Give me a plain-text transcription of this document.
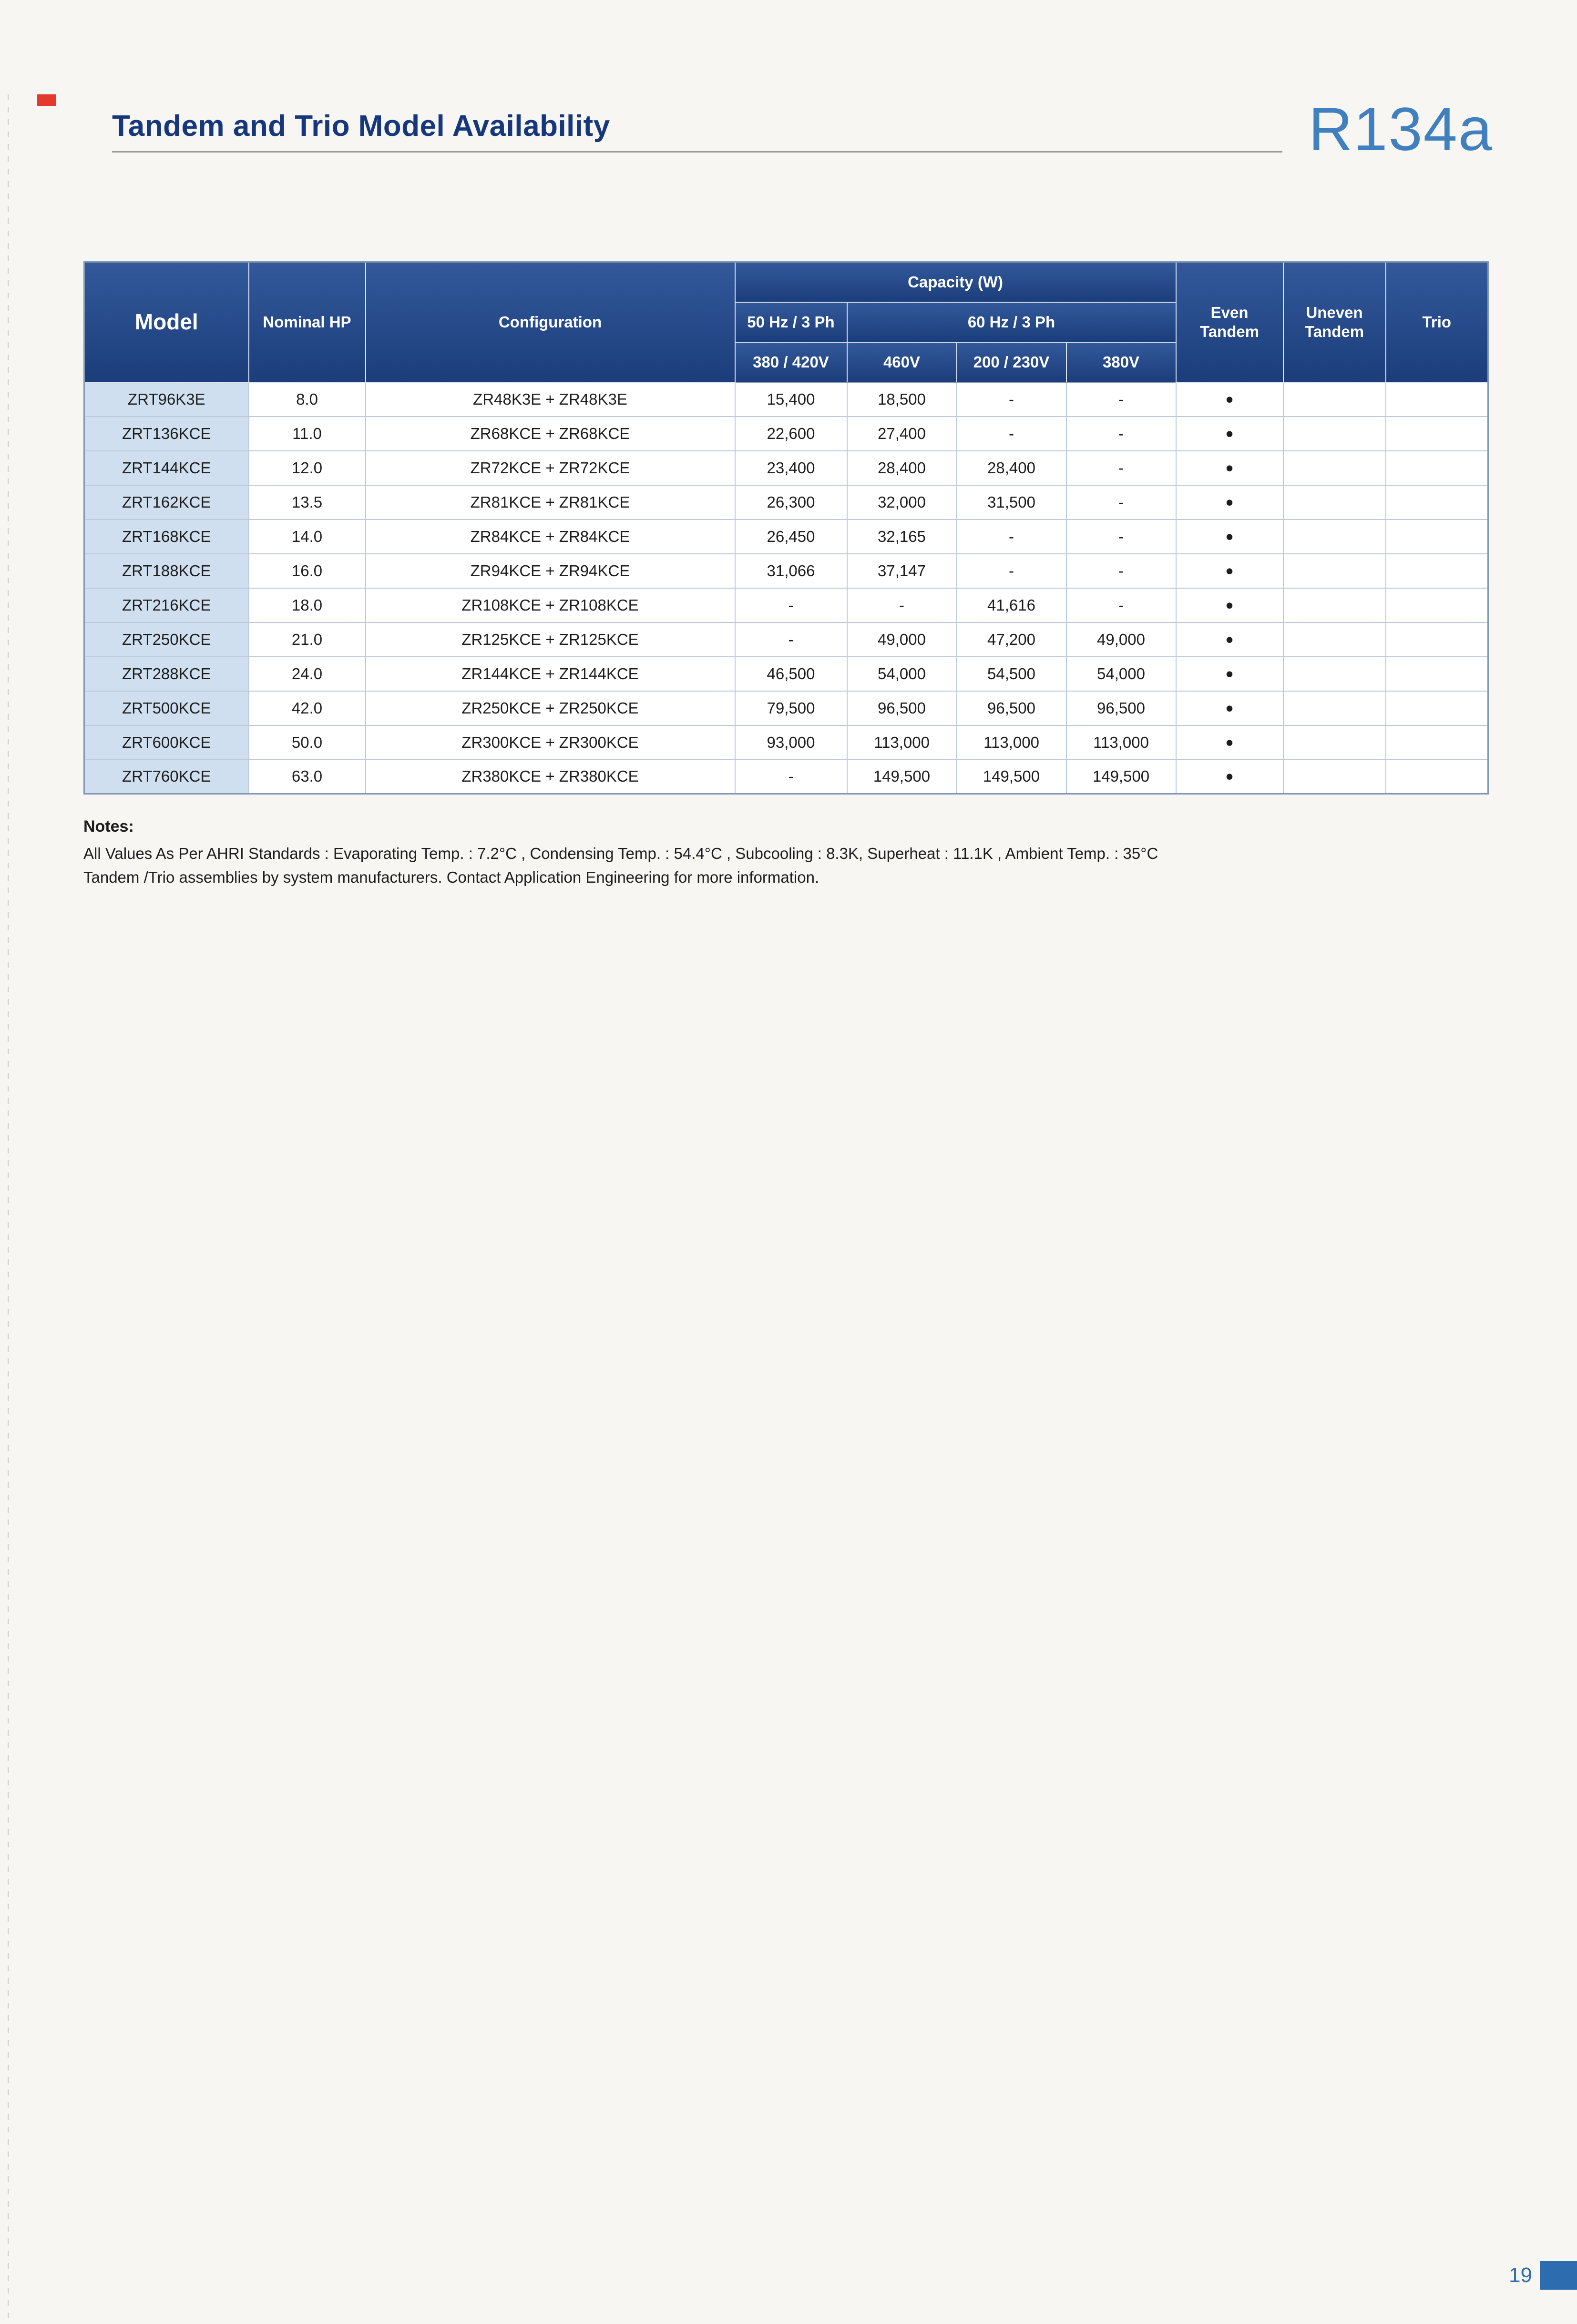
Tandem and Trio Model Availability	R134a
Model	Nominal HP	Configuration	Capacity (W)				Even Tandem	Uneven Tandem	Trio
			50 Hz / 3 Ph	60 Hz / 3 Ph					
			380 / 420V	460V	200 / 230V	380V			
ZRT96K3E	8.0	ZR48K3E + ZR48K3E	15,400	18,500	-	-	•		
ZRT136KCE	11.0	ZR68KCE + ZR68KCE	22,600	27,400	-	-	•		
ZRT144KCE	12.0	ZR72KCE + ZR72KCE	23,400	28,400	28,400	-	•		
ZRT162KCE	13.5	ZR81KCE + ZR81KCE	26,300	32,000	31,500	-	•		
ZRT168KCE	14.0	ZR84KCE + ZR84KCE	26,450	32,165	-	-	•		
ZRT188KCE	16.0	ZR94KCE + ZR94KCE	31,066	37,147	-	-	•		
ZRT216KCE	18.0	ZR108KCE + ZR108KCE	-	-	41,616	-	•		
ZRT250KCE	21.0	ZR125KCE + ZR125KCE	-	49,000	47,200	49,000	•		
ZRT288KCE	24.0	ZR144KCE + ZR144KCE	46,500	54,000	54,500	54,000	•		
ZRT500KCE	42.0	ZR250KCE + ZR250KCE	79,500	96,500	96,500	96,500	•		
ZRT600KCE	50.0	ZR300KCE + ZR300KCE	93,000	113,000	113,000	113,000	•		
ZRT760KCE	63.0	ZR380KCE + ZR380KCE	-	149,500	149,500	149,500	•		
Notes:
All Values As Per AHRI Standards : Evaporating Temp. : 7.2°C , Condensing Temp. : 54.4°C , Subcooling : 8.3K, Superheat : 11.1K , Ambient Temp. : 35°C
Tandem /Trio assemblies by system manufacturers. Contact Application Engineering for more information.
19
